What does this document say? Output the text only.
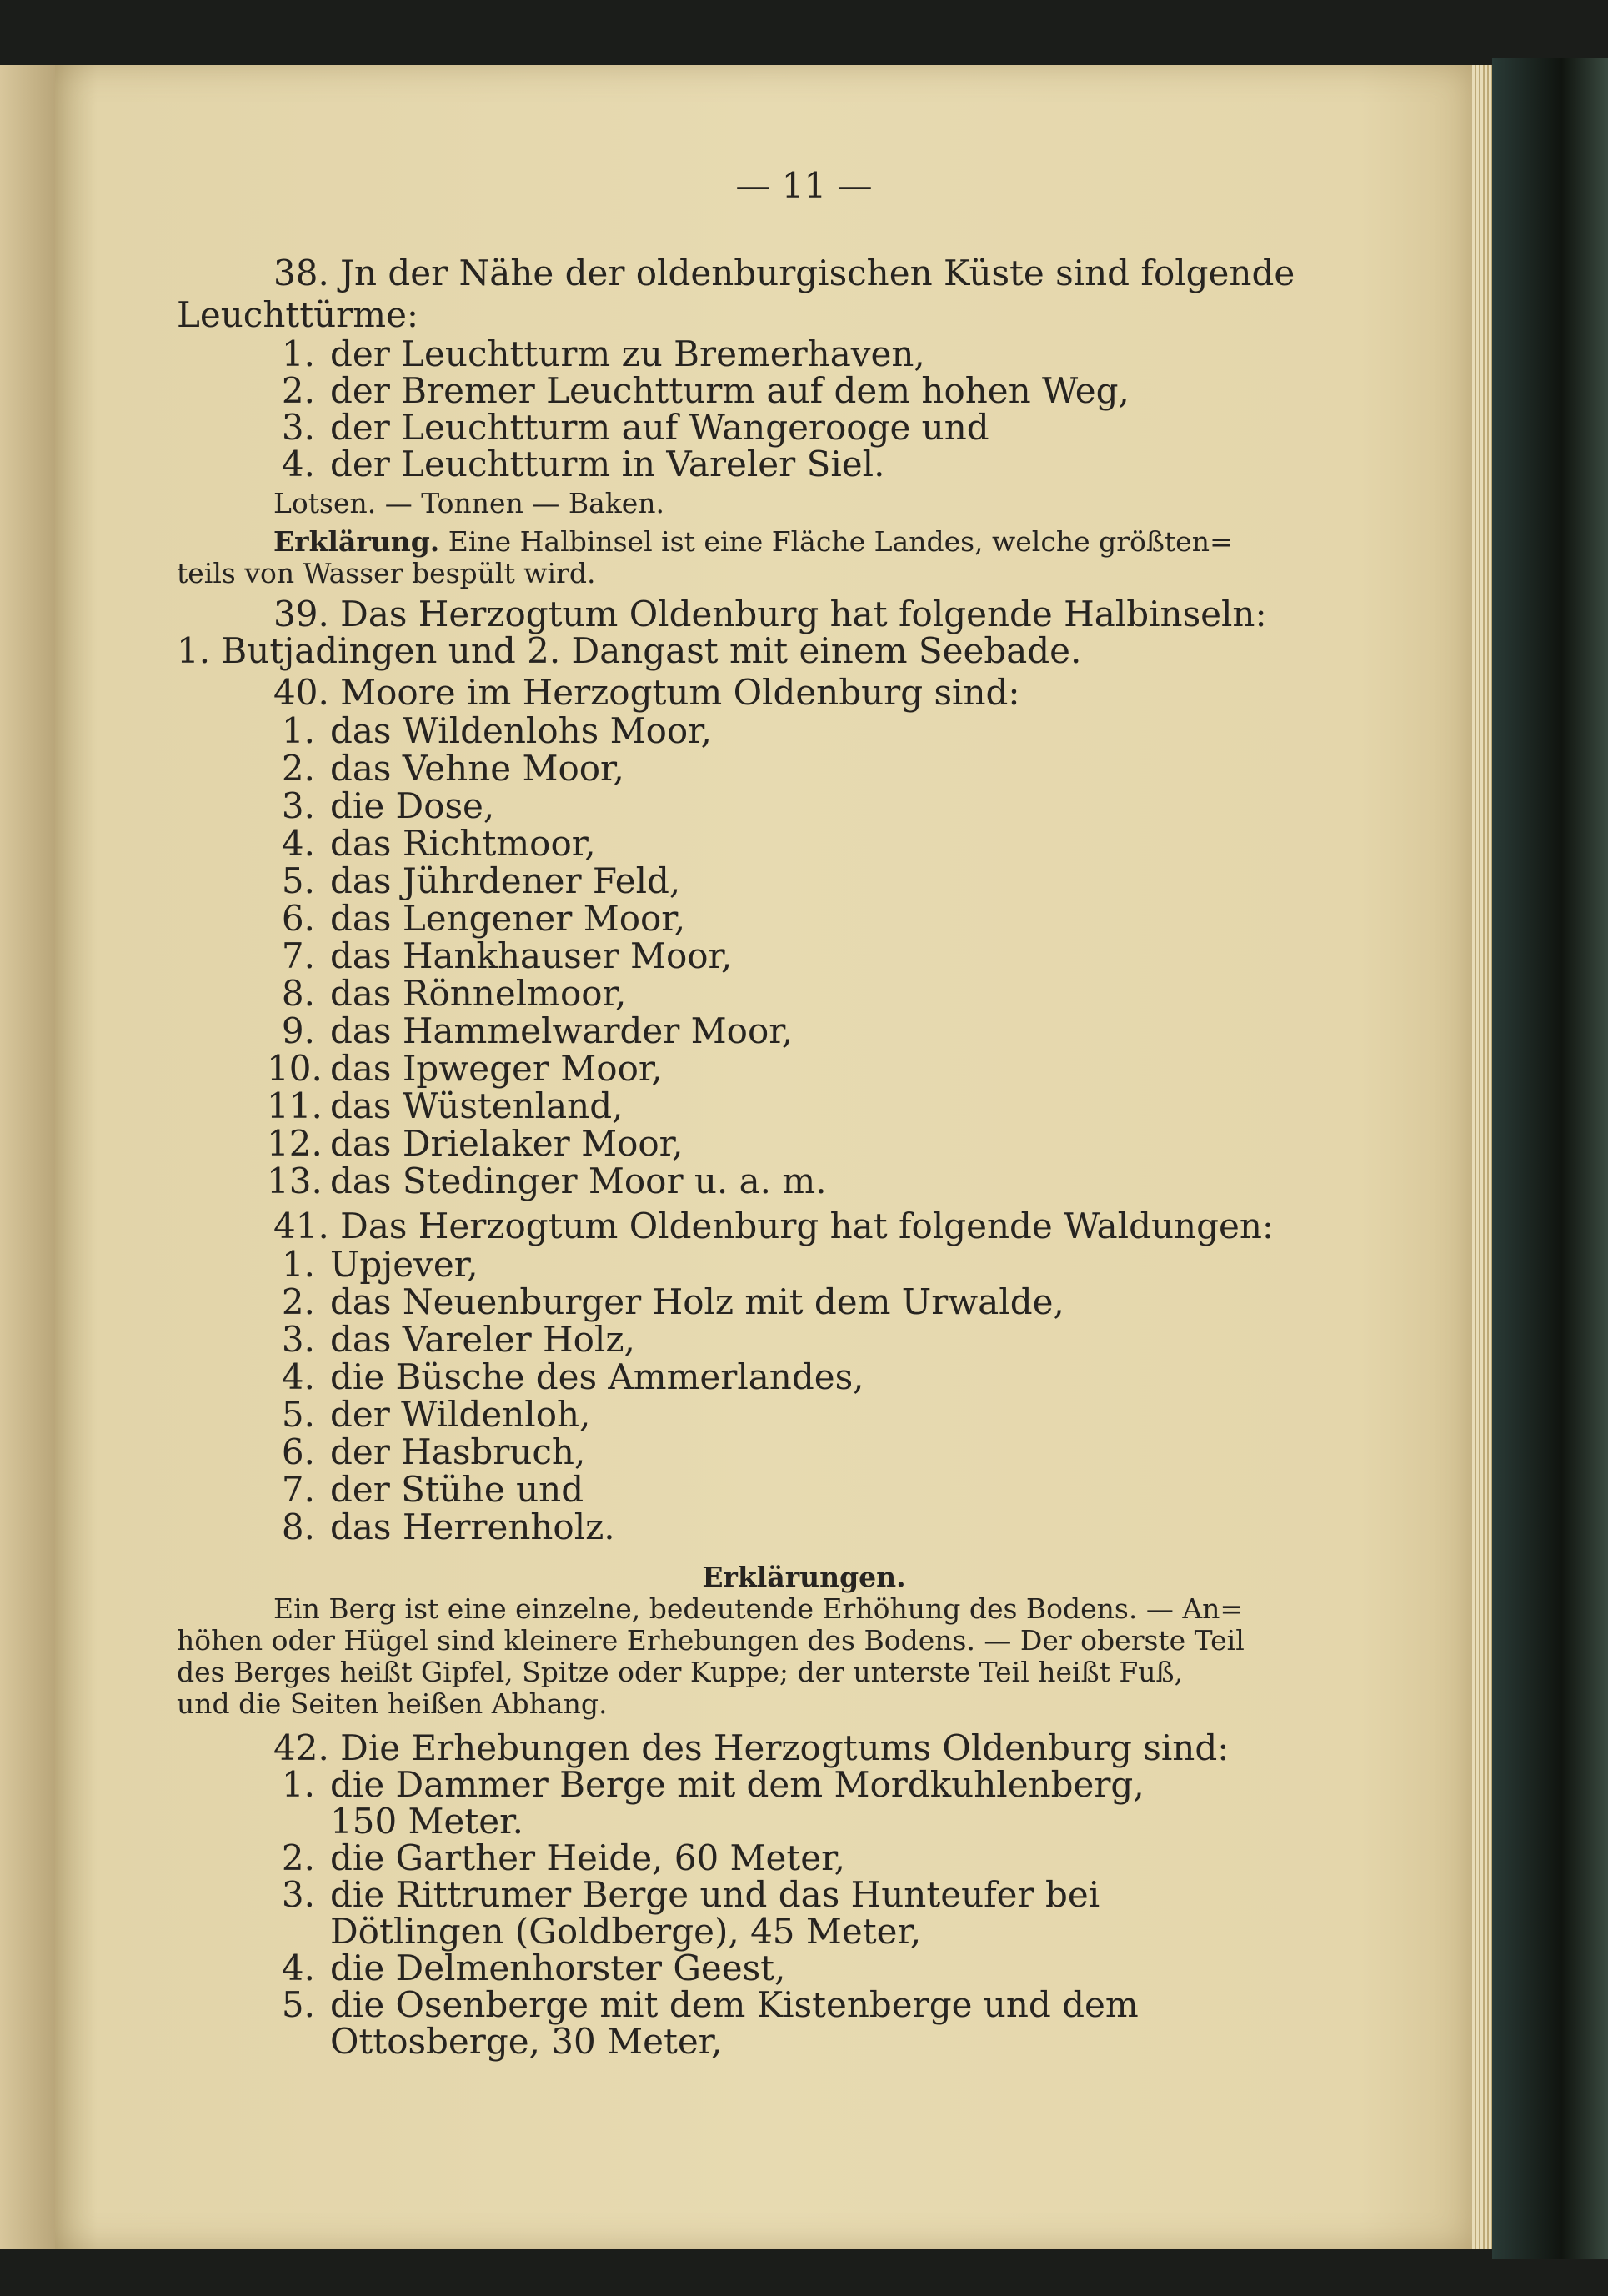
— 11 —
38. Jn der Nähe der oldenburgischen Küste sind folgende
Leuchttürme:
1. der Leuchtturm zu Bremerhaven,
2. der Bremer Leuchtturm auf dem hohen Weg,
3. der Leuchtturm auf Wangerooge und
4. der Leuchtturm in Vareler Siel.
Lotsen. — Tonnen — Baken.
Erklärung. Eine Halbinsel ist eine Fläche Landes, welche größten=
teils von Wasser bespült wird.
39. Das Herzogtum Oldenburg hat folgende Halbinseln:
1. Butjadingen und 2. Dangast mit einem Seebade.
40. Moore im Herzogtum Oldenburg sind:
1. das Wildenlohs Moor,
2. das Vehne Moor,
3. die Dose,
4. das Richtmoor,
5. das Jührdener Feld,
6. das Lengener Moor,
7. das Hankhauser Moor,
8. das Rönnelmoor,
9. das Hammelwarder Moor,
10. das Ipweger Moor,
11. das Wüstenland,
12. das Drielaker Moor,
13. das Stedinger Moor u. a. m.
41. Das Herzogtum Oldenburg hat folgende Waldungen:
1. Upjever,
2. das Neuenburger Holz mit dem Urwalde,
3. das Vareler Holz,
4. die Büsche des Ammerlandes,
5. der Wildenloh,
6. der Hasbruch,
7. der Stühe und
8. das Herrenholz.
Erklärungen.
Ein Berg ist eine einzelne, bedeutende Erhöhung des Bodens. — An=
höhen oder Hügel sind kleinere Erhebungen des Bodens. — Der oberste Teil
des Berges heißt Gipfel, Spitze oder Kuppe; der unterste Teil heißt Fuß,
und die Seiten heißen Abhang.
42. Die Erhebungen des Herzogtums Oldenburg sind:
1. die Dammer Berge mit dem Mordkuhlenberg,
150 Meter.
2. die Garther Heide, 60 Meter,
3. die Rittrumer Berge und das Hunteufer bei
Dötlingen (Goldberge), 45 Meter,
4. die Delmenhorster Geest,
5. die Osenberge mit dem Kistenberge und dem
Ottosberge, 30 Meter,
